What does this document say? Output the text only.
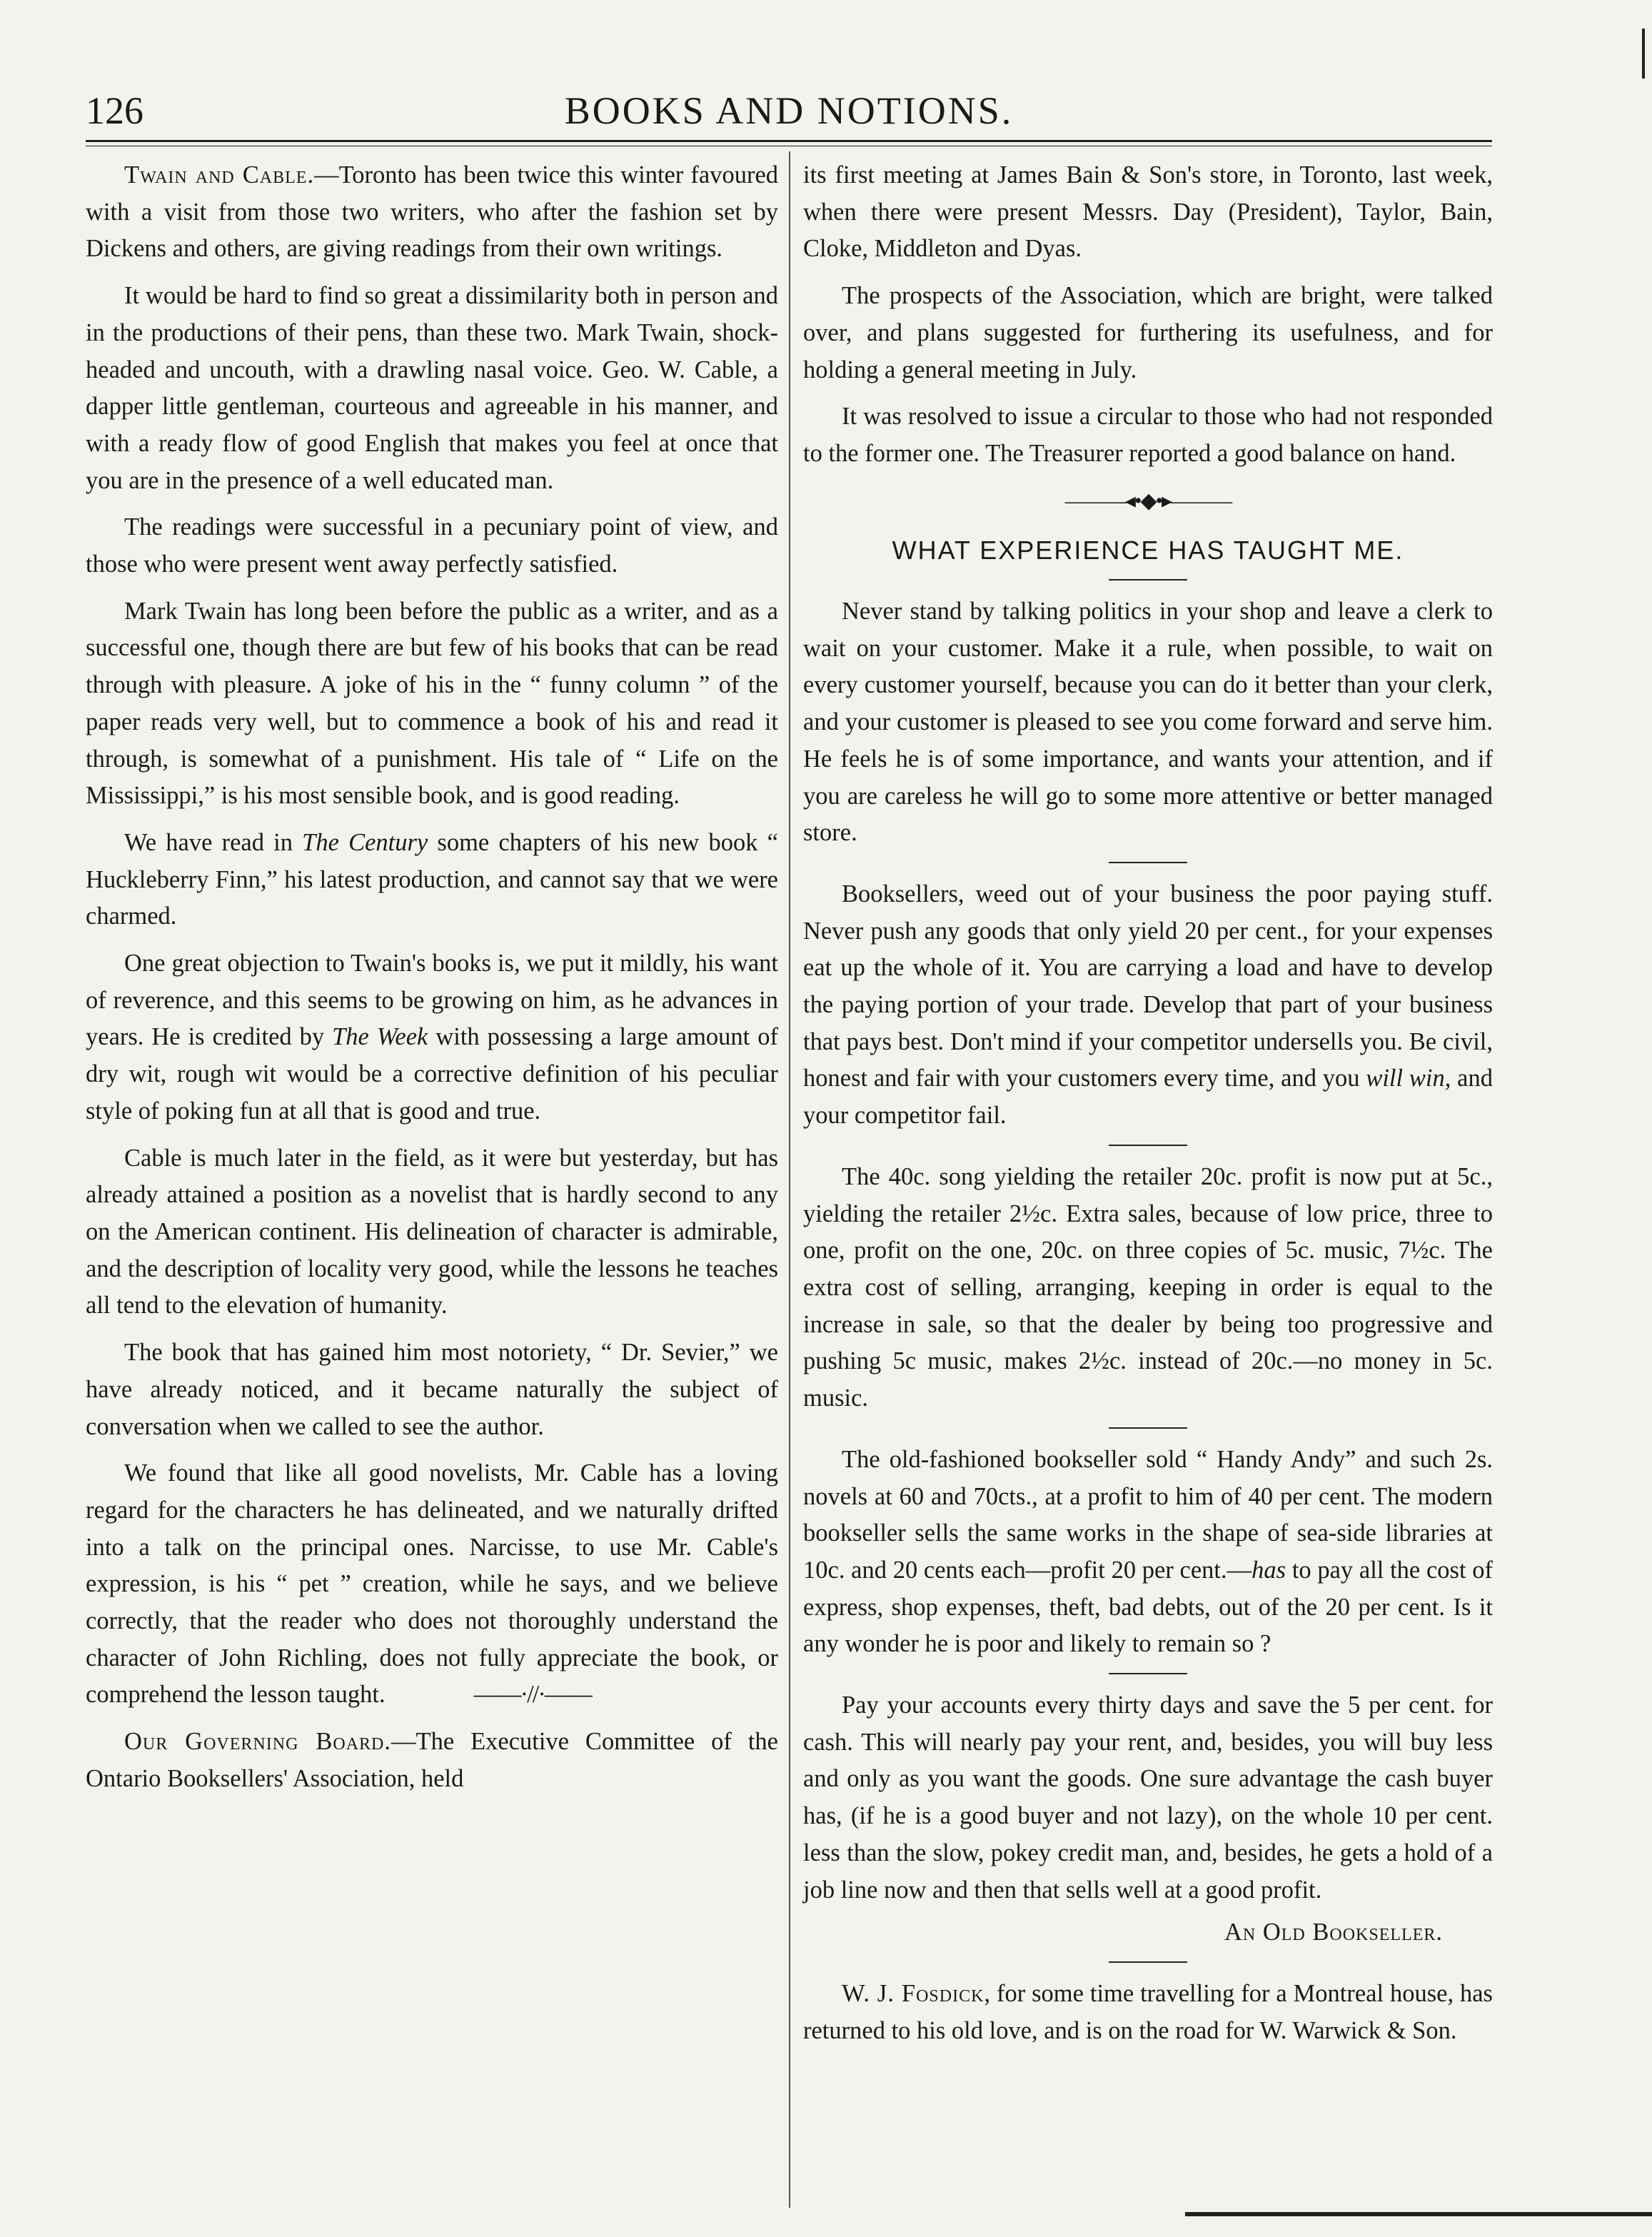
126	BOOKS AND NOTIONS.

Twain and Cable.—Toronto has been twice this winter favoured with a visit from those two writers, who after the fashion set by Dickens and others, are giving readings from their own writings.

It would be hard to find so great a dissimilarity both in person and in the productions of their pens, than these two. Mark Twain, shock-headed and uncouth, with a drawling nasal voice. Geo. W. Cable, a dapper little gentleman, courteous and agreeable in his manner, and with a ready flow of good English that makes you feel at once that you are in the presence of a well educated man.

The readings were successful in a pecuniary point of view, and those who were present went away perfectly satisfied.

Mark Twain has long been before the public as a writer, and as a successful one, though there are but few of his books that can be read through with pleasure. A joke of his in the “ funny column ” of the paper reads very well, but to commence a book of his and read it through, is somewhat of a punishment. His tale of “ Life on the Mississippi,” is his most sensible book, and is good reading.

We have read in The Century some chapters of his new book “ Huckleberry Finn,” his latest production, and cannot say that we were charmed.

One great objection to Twain's books is, we put it mildly, his want of reverence, and this seems to be growing on him, as he advances in years. He is credited by The Week with possessing a large amount of dry wit, rough wit would be a corrective definition of his peculiar style of poking fun at all that is good and true.

Cable is much later in the field, as it were but yesterday, but has already attained a position as a novelist that is hardly second to any on the American continent. His delineation of character is admirable, and the description of locality very good, while the lessons he teaches all tend to the elevation of humanity.

The book that has gained him most notoriety, “ Dr. Sevier,” we have already noticed, and it became naturally the subject of conversation when we called to see the author.

We found that like all good novelists, Mr. Cable has a loving regard for the characters he has delineated, and we naturally drifted into a talk on the principal ones. Narcisse, to use Mr. Cable's expression, is his “ pet ” creation, while he says, and we believe correctly, that the reader who does not thoroughly understand the character of John Richling, does not fully appreciate the book, or comprehend the lesson taught.	——·//·——

Our Governing Board.—The Executive Committee of the Ontario Booksellers' Association, held

its first meeting at James Bain & Son's store, in Toronto, last week, when there were present Messrs. Day (President), Taylor, Bain, Cloke, Middleton and Dyas.

The prospects of the Association, which are bright, were talked over, and plans suggested for furthering its usefulness, and for holding a general meeting in July.

It was resolved to issue a circular to those who had not responded to the former one. The Treasurer reported a good balance on hand.

———◂•◆•▸———
WHAT EXPERIENCE HAS TAUGHT ME.

Never stand by talking politics in your shop and leave a clerk to wait on your customer. Make it a rule, when possible, to wait on every customer yourself, because you can do it better than your clerk, and your customer is pleased to see you come forward and serve him. He feels he is of some importance, and wants your attention, and if you are careless he will go to some more attentive or better managed store.

Booksellers, weed out of your business the poor paying stuff. Never push any goods that only yield 20 per cent., for your expenses eat up the whole of it. You are carrying a load and have to develop the paying portion of your trade. Develop that part of your business that pays best. Don't mind if your competitor undersells you. Be civil, honest and fair with your customers every time, and you will win, and your competitor fail.

The 40c. song yielding the retailer 20c. profit is now put at 5c., yielding the retailer 2½c. Extra sales, because of low price, three to one, profit on the one, 20c. on three copies of 5c. music, 7½c. The extra cost of selling, arranging, keeping in order is equal to the increase in sale, so that the dealer by being too progressive and pushing 5c music, makes 2½c. instead of 20c.—no money in 5c. music.

The old-fashioned bookseller sold “ Handy Andy” and such 2s. novels at 60 and 70cts., at a profit to him of 40 per cent. The modern bookseller sells the same works in the shape of sea-side libraries at 10c. and 20 cents each—profit 20 per cent.—has to pay all the cost of express, shop expenses, theft, bad debts, out of the 20 per cent. Is it any wonder he is poor and likely to remain so ?

Pay your accounts every thirty days and save the 5 per cent. for cash. This will nearly pay your rent, and, besides, you will buy less and only as you want the goods. One sure advantage the cash buyer has, (if he is a good buyer and not lazy), on the whole 10 per cent. less than the slow, pokey credit man, and, besides, he gets a hold of a job line now and then that sells well at a good profit.

An Old Bookseller.

W. J. Fosdick, for some time travelling for a Montreal house, has returned to his old love, and is on the road for W. Warwick & Son.
